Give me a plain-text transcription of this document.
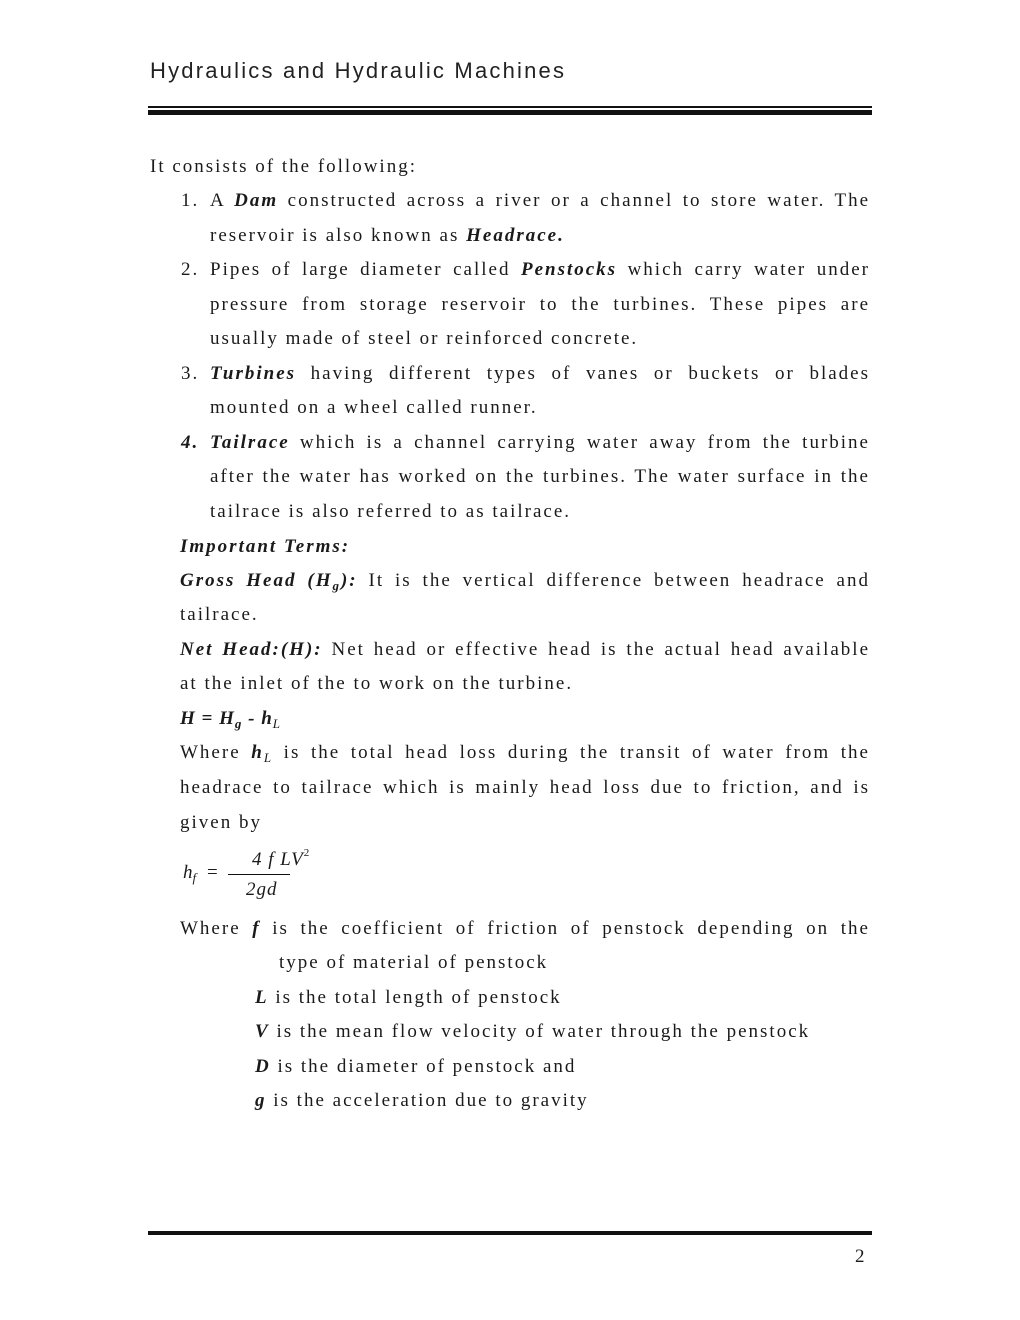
Hydraulics and Hydraulic Machines
It consists of the following:
1. A Dam constructed across a river or a channel to store water. The
reservoir is also known as Headrace.
2. Pipes of large diameter called Penstocks which carry water under
pressure from storage reservoir to the turbines. These pipes are
usually made of steel or reinforced concrete.
3. Turbines having different types of vanes or buckets or blades
mounted on a wheel called runner.
4. Tailrace which is a channel carrying water away from the turbine
after the water has worked on the turbines. The water surface in the
tailrace is also referred to as tailrace.
Important Terms:
Gross Head $(H_g)$: It is the vertical difference between headrace and
tailrace.
Net Head:(H): Net head or effective head is the actual head available
at the inlet of the to work on the turbine.
$H = H_g - h_L$
Where $h_L$ is the total head loss during the transit of water from the
headrace to tailrace which is mainly head loss due to friction, and is
given by
$h_f$ =
4 f $LV^2$
2gd
Where f is the coefficient of friction of penstock depending on the
type of material of penstock
L is the total length of penstock
V is the mean flow velocity of water through the penstock
D is the diameter of penstock and
g is the acceleration due to gravity
2
